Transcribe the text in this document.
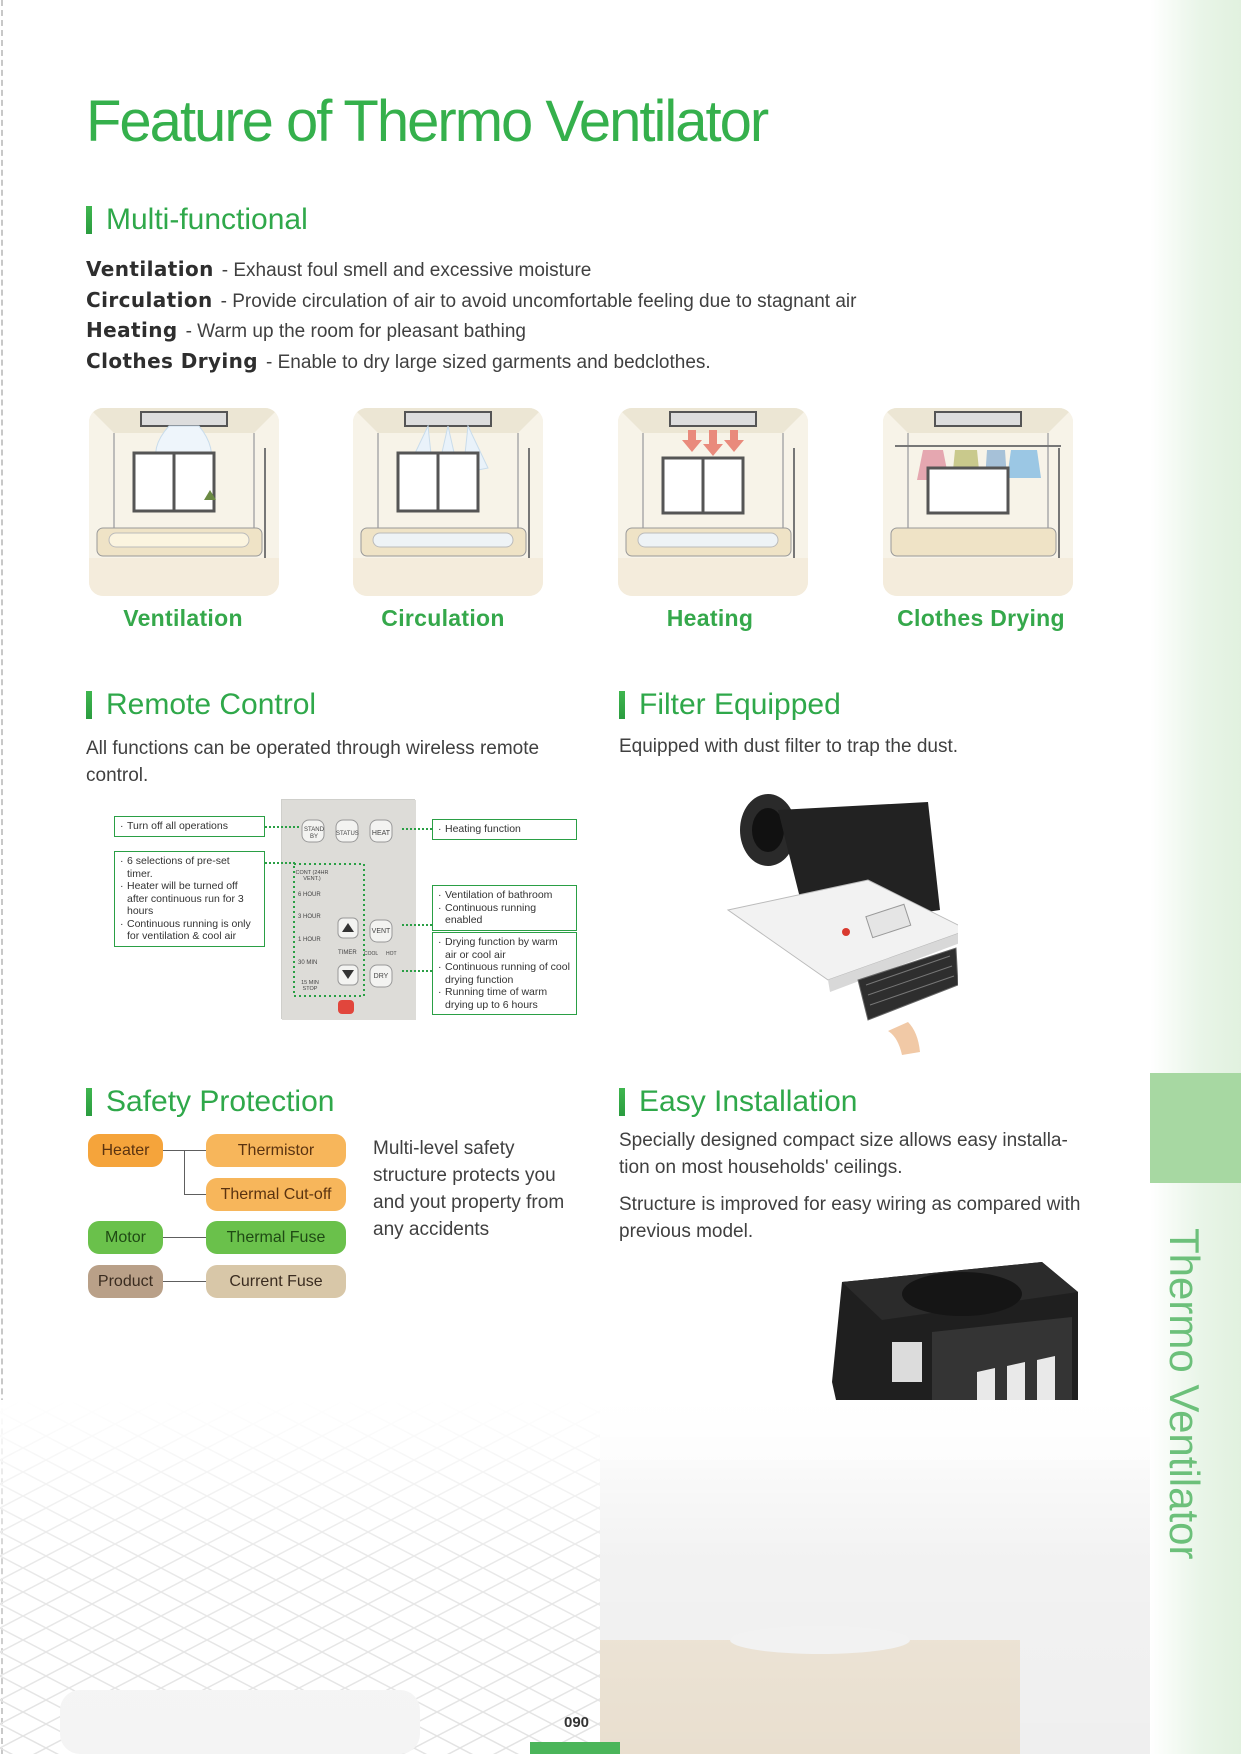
Thermo Ventilator
Feature of Thermo Ventilator
Multi-functional
Ventilation - Exhaust foul smell and excessive moisture
Circulation - Provide circulation of air to avoid uncomfortable feeling due to stagnant air
Heating - Warm up the room for pleasant bathing
Clothes Drying - Enable to dry large sized garments and bedclothes.
Ventilation	Circulation	Heating	Clothes Drying
Remote Control
All functions can be operated through wireless remote control.
STAND BY	STATUS HEAT
CONT (24HR VENT.)
6 HOUR
3 HOUR
1 HOUR
30 MIN
15 MIN STOP
TIMER COOL HOT
VENT
DRY

· Turn off all operations

· 6 selections of pre-set timer.

· Heater will be turned off after continuous run for 3 hours

· Continuous running is only for ventilation & cool air

· Heating function

· Ventilation of bathroom

· Continuous running enabled

· Drying function by warm air or cool air

· Continuous running of cool drying function

· Running time of warm drying up to 6 hours

Filter Equipped
Equipped with dust filter to trap the dust.
Safety Protection
Heater	Thermistor
Thermal Cut-off
Motor	Thermal Fuse
Product	Current Fuse
Multi-level safety structure protects you and yout property from any accidents
Easy Installation
Specially designed compact size allows easy installa-tion on most households' ceilings.
Structure is improved for easy wiring as compared with previous model.
090
